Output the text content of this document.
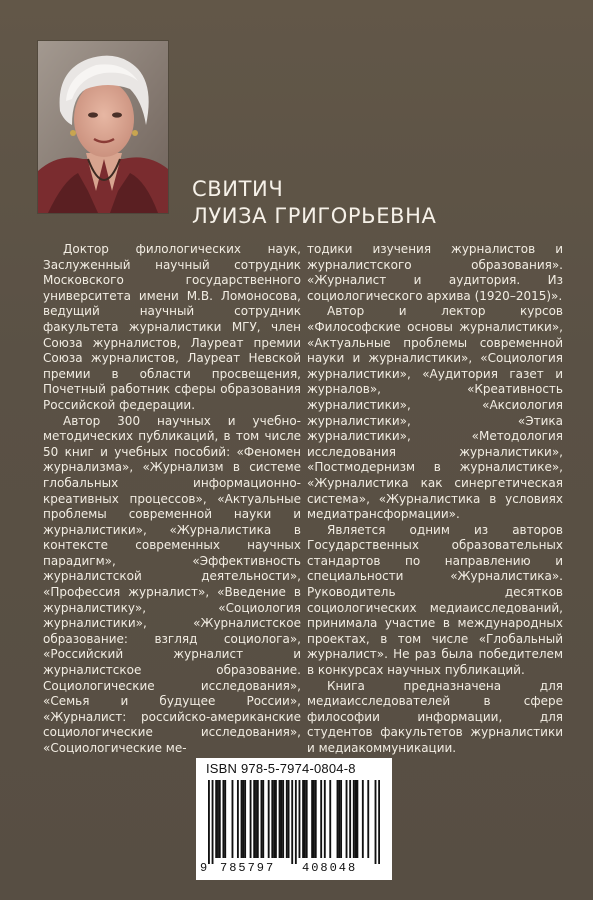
СВИТИЧ
ЛУИЗА ГРИГОРЬЕВНА

Доктор филологических наук, Заслуженный научный сотрудник Московского государственного университета имени М.В. Ломоносова, ведущий научный сотрудник факультета журналистики МГУ, член Союза журналистов, Лауреат премии Союза журналистов, Лауреат Невской премии в области просвещения, Почетный работник сферы образования Российской федерации.

Автор 300 научных и учебно-методических публикаций, в том числе 50 книг и учебных пособий: «Феномен журнализма», «Журнализм в системе глобальных информационно-креативных процессов», «Актуальные проблемы современной науки и журналистики», «Журналистика в контексте современных научных парадигм», «Эффективность журналистской деятельности», «Профессия журналист», «Введение в журналистику», «Социология журналистики», «Журналистское образование: взгляд социолога», «Российский журналист и журналистское образование. Социологические исследования», «Семья и будущее России», «Журналист: российско-американские социологические исследования», «Социологические ме-

тодики изучения журналистов и журналистского образования». «Журналист и аудитория. Из социологического архива (1920–2015)».

Автор и лектор курсов «Философские основы журналистики», «Актуальные проблемы современной науки и журналистики», «Социология журналистики», «Аудитория газет и журналов», «Креативность журналистики», «Аксиология журналистики», «Этика журналистики», «Методология исследования журналистики», «Постмодернизм в журналистике», «Журналистика как синергетическая система», «Журналистика в условиях медиатрансформации».

Является одним из авторов Государственных образовательных стандартов по направлению и специальности «Журналистика». Руководитель десятков социологических медиаисследований, принимала участие в международных проектах, в том числе «Глобальный журналист». Не раз была победителем в конкурсах научных публикаций.

Книга предназначена для медиаисследователей в сфере философии информации, для студентов факультетов журналистики и медиакоммуникации.

ISBN 978-5-7974-0804-8
9 785797 408048
